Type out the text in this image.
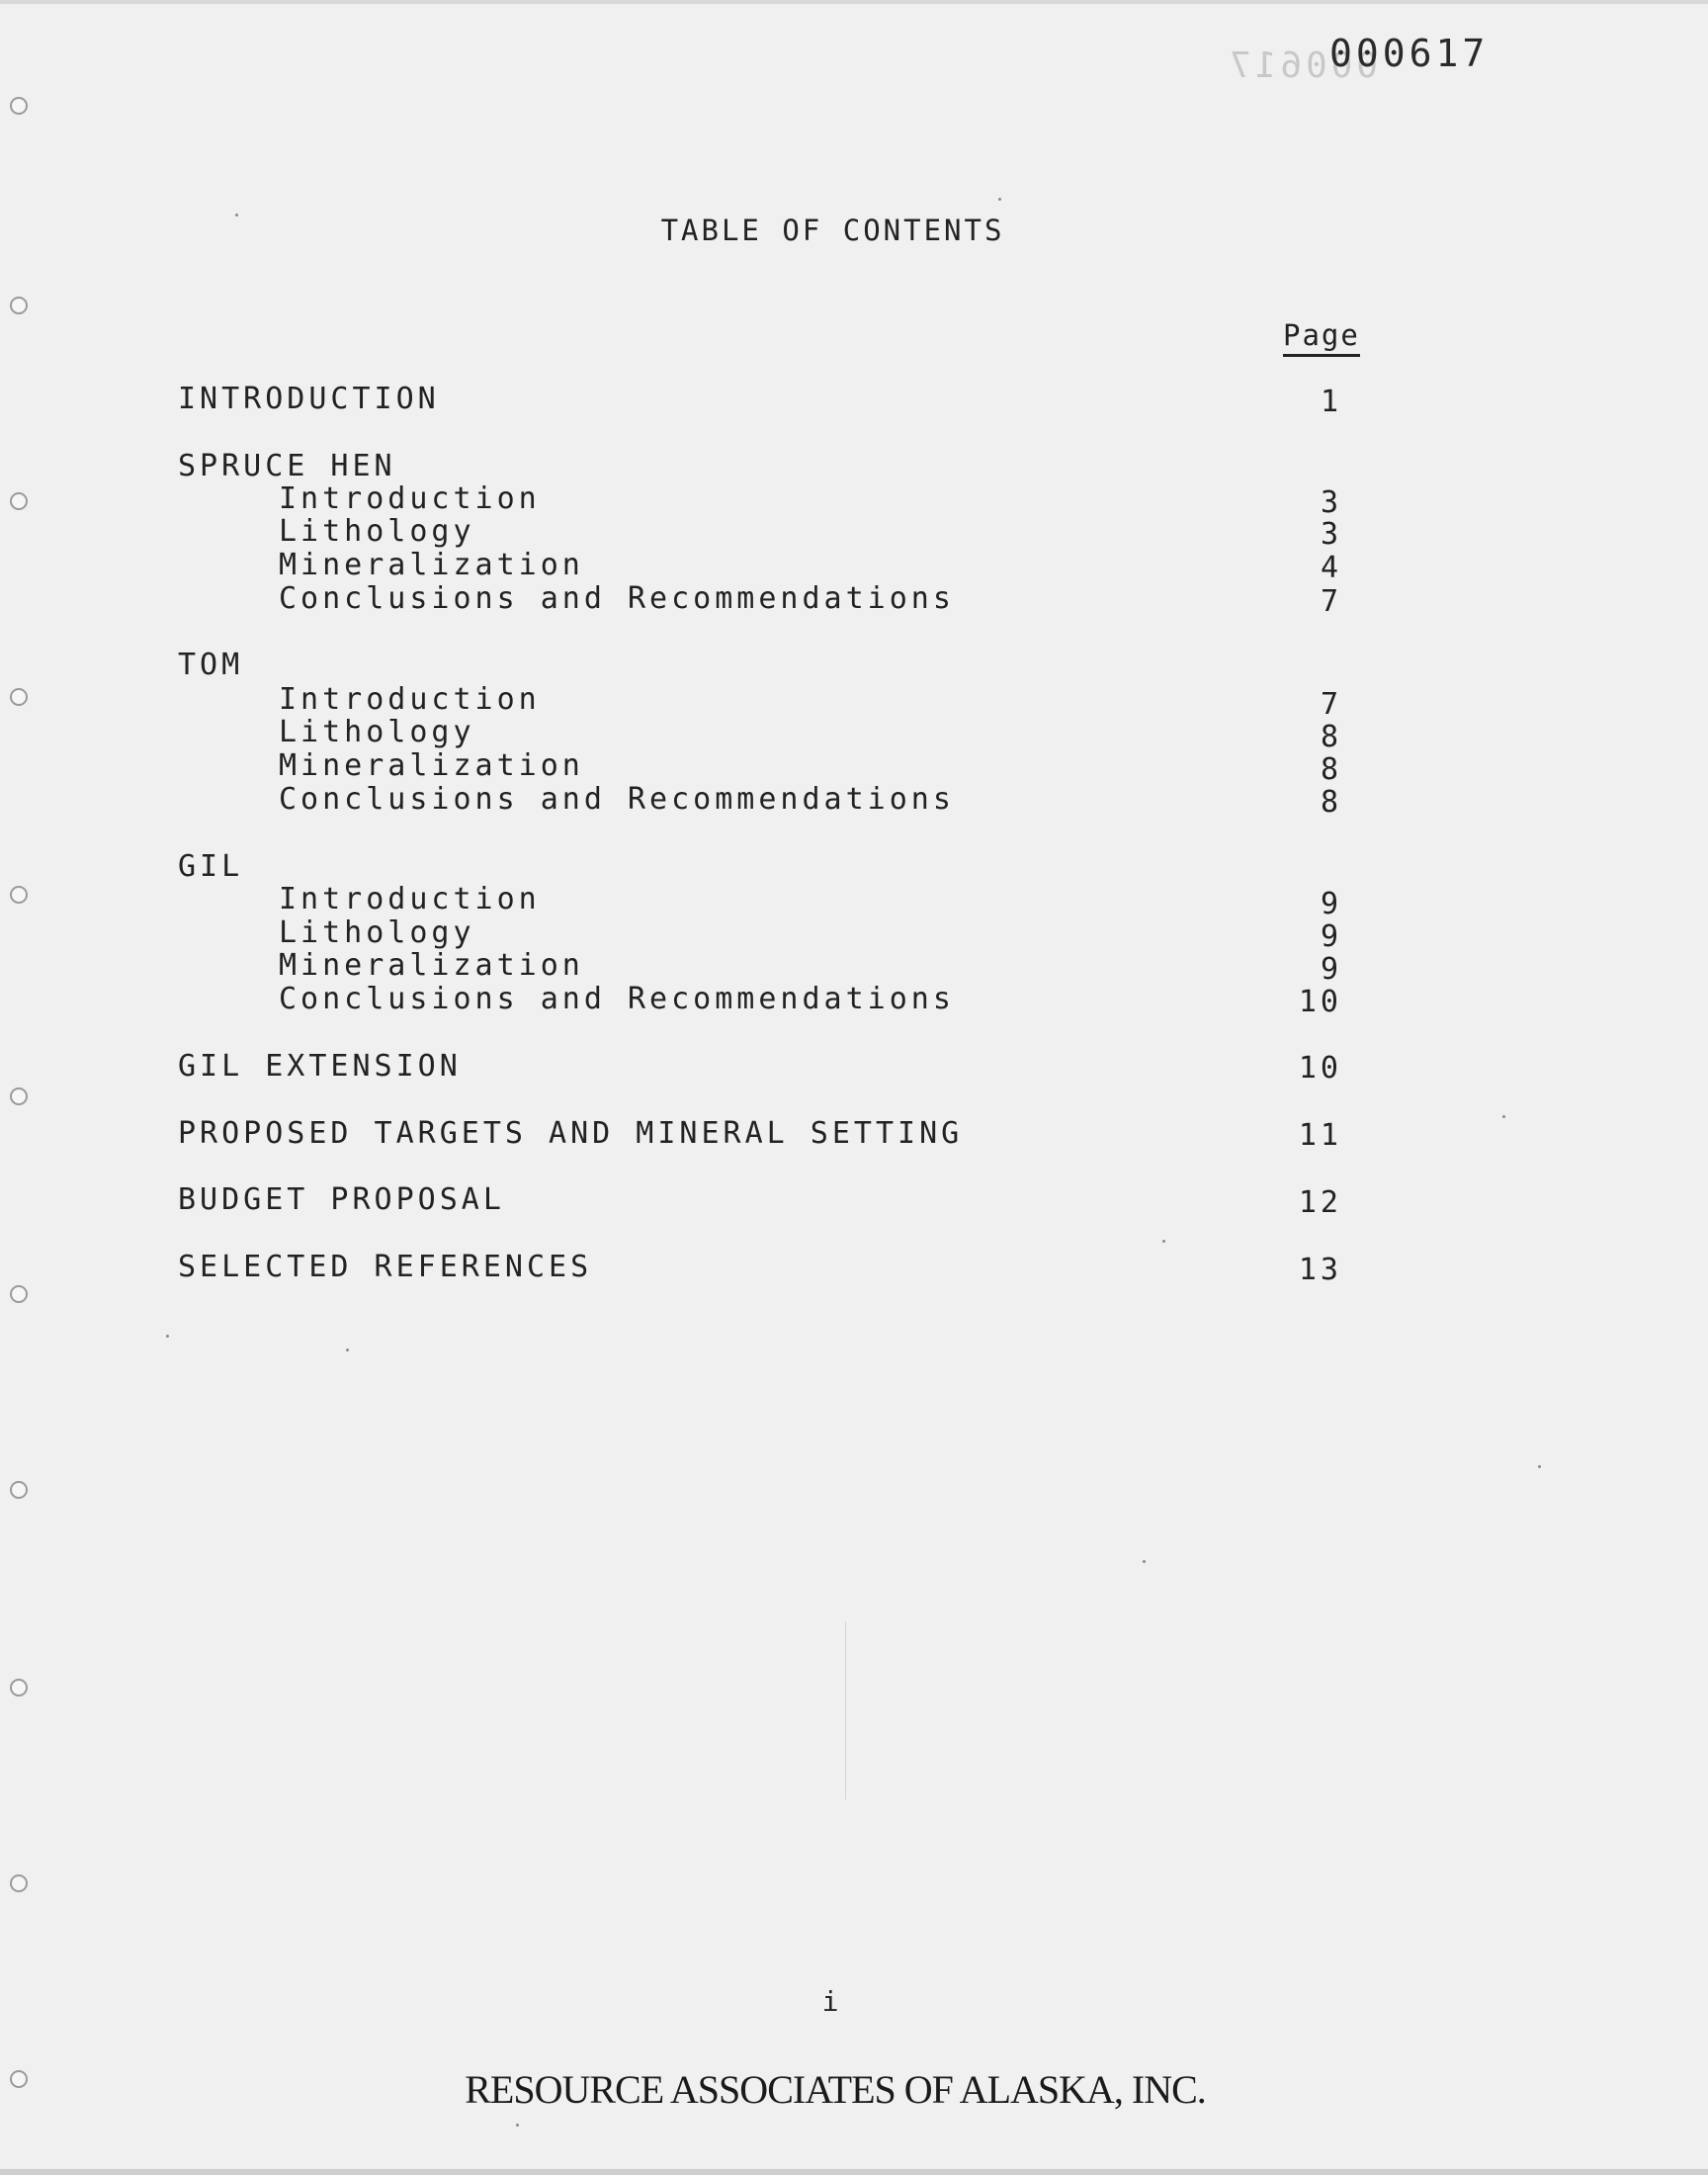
000617
000617
TABLE OF CONTENTS
Page
INTRODUCTION	1
SPRUCE HEN
Introduction	3
Lithology	3
Mineralization	4
Conclusions and Recommendations	7
TOM
Introduction	7
Lithology	8
Mineralization	8
Conclusions and Recommendations	8
GIL
Introduction	9
Lithology	9
Mineralization	9
Conclusions and Recommendations	10
GIL EXTENSION	10
PROPOSED TARGETS AND MINERAL SETTING	11
BUDGET PROPOSAL	12
SELECTED REFERENCES	13
i
RESOURCE ASSOCIATES OF ALASKA, INC.
